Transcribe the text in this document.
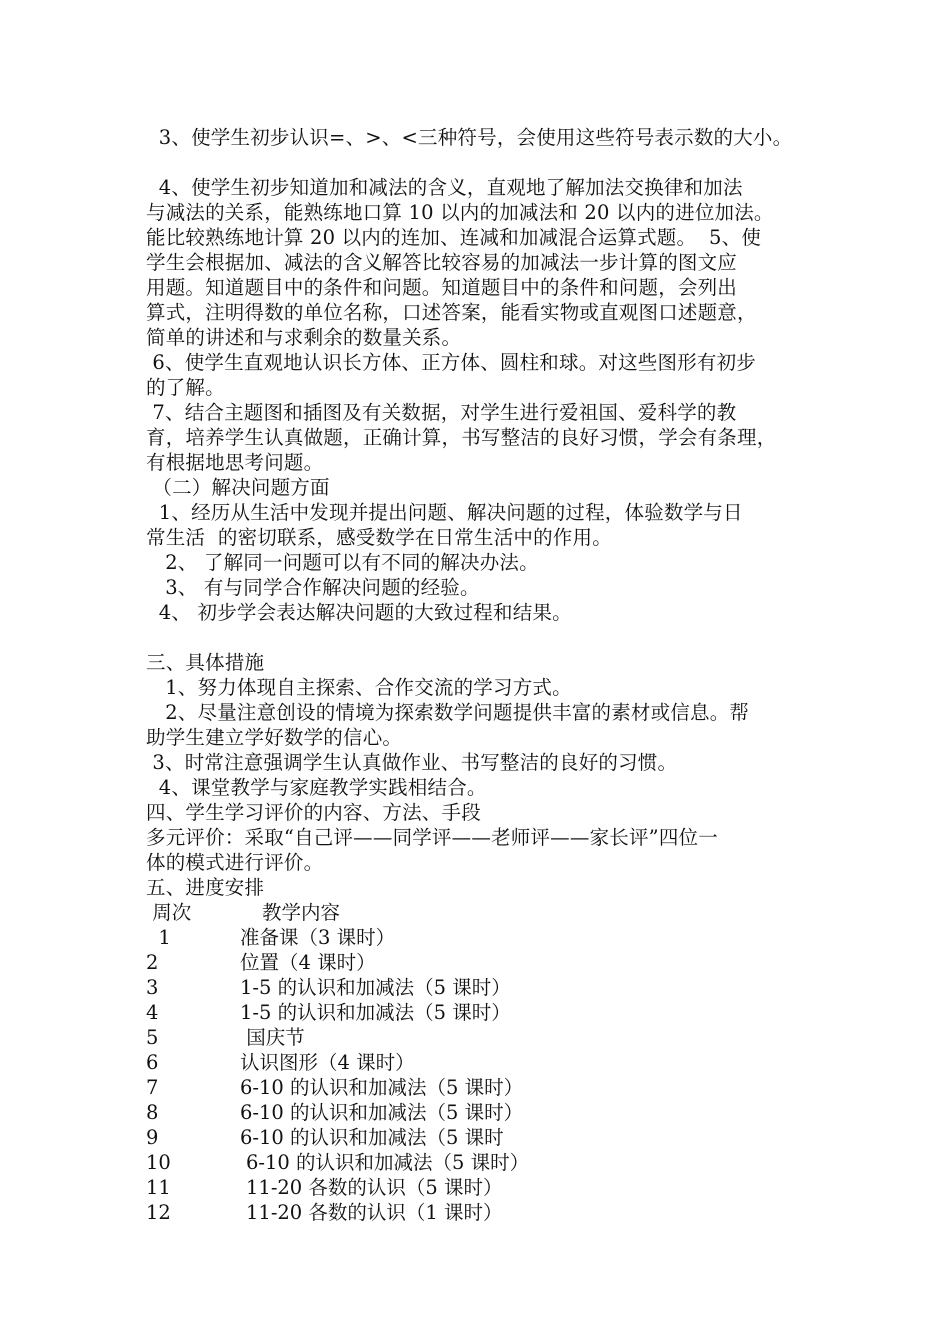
3、使学生初步认识=、>、<三种符号，会使用这些符号表示数的大小。
4、使学生初步知道加和减法的含义，直观地了解加法交换律和加法
与减法的关系，能熟练地口算 10 以内的加减法和 20 以内的进位加法。
能比较熟练地计算 20 以内的连加、连减和加减混合运算式题。  5、使
学生会根据加、减法的含义解答比较容易的加减法一步计算的图文应
用题。知道题目中的条件和问题。知道题目中的条件和问题，会列出
算式，注明得数的单位名称，口述答案，能看实物或直观图口述题意，
简单的讲述和与求剩余的数量关系。
6、使学生直观地认识长方体、正方体、圆柱和球。对这些图形有初步
的了解。
7、结合主题图和插图及有关数据，对学生进行爱祖国、爱科学的教
育，培养学生认真做题，正确计算，书写整洁的良好习惯，学会有条理，
有根据地思考问题。
（二）解决问题方面
1、经历从生活中发现并提出问题、解决问题的过程，体验数学与日
常生活  的密切联系，感受数学在日常生活中的作用。
2、 了解同一问题可以有不同的解决办法。
3、 有与同学合作解决问题的经验。
4、 初步学会表达解决问题的大致过程和结果。
三、具体措施
1、努力体现自主探索、合作交流的学习方式。
2、尽量注意创设的情境为探索数学问题提供丰富的素材或信息。帮
助学生建立学好数学的信心。
3、时常注意强调学生认真做作业、书写整洁的良好的习惯。
4、课堂教学与家庭教学实践相结合。
四、学生学习评价的内容、方法、手段
多元评价：采取“自己评——同学评——老师评——家长评”四位一
体的模式进行评价。
五、进度安排
周次	教学内容
1	准备课（3 课时）
2	位置（4 课时）
3	1-5 的认识和加减法（5 课时）
4	1-5 的认识和加减法（5 课时）
5	国庆节
6	认识图形（4 课时）
7	6-10 的认识和加减法（5 课时）
8	6-10 的认识和加减法（5 课时）
9	6-10 的认识和加减法（5 课时
10	6-10 的认识和加减法（5 课时）
11	11-20 各数的认识（5 课时）
12	11-20 各数的认识（1 课时）
